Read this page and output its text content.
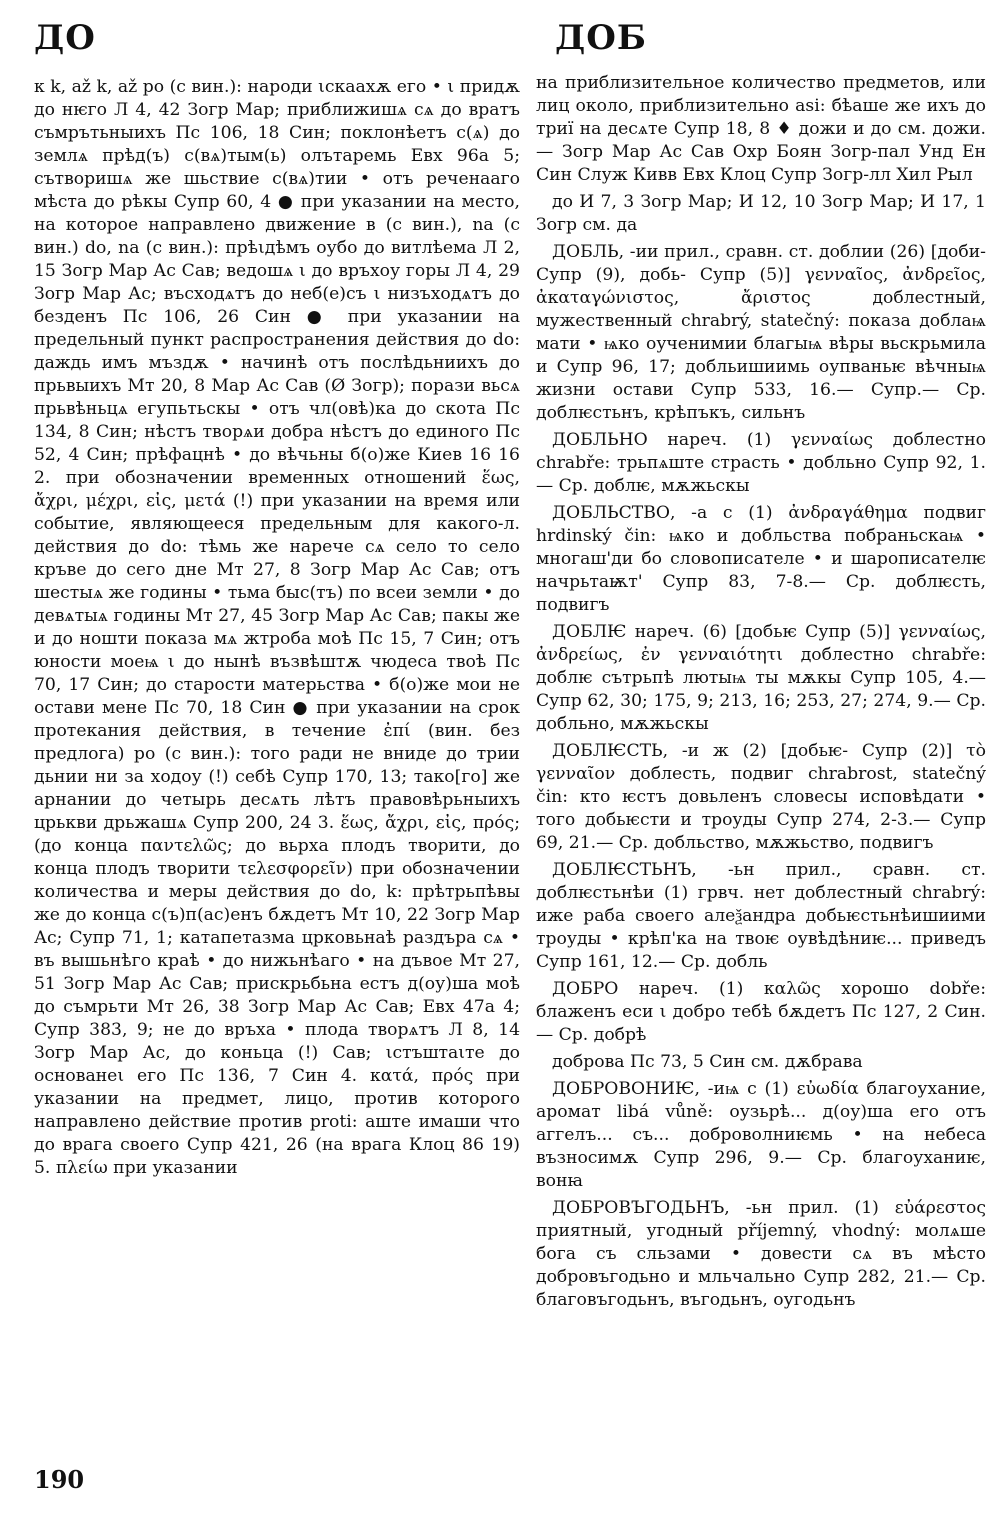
ДО	ДОБ

к k, až k, až po (с вин.): народи ιскаахѫ его • ι придѫ до нѥго Л 4, 42 Зогр Мар; приближишѧ сѧ до вратъ съмрътьныихъ Пс 106, 18 Син; поклонѣетъ с(ѧ) до землѧ прѣд(ъ) с(вѧ)тым(ь) олътаремь Евх 96а 5; сътворишѧ же шьствие с(вѧ)тии • отъ реченааго мѣста до рѣкы Супр 60, 4 ● при указании на место, на которое направлено движение в (с вин.), na (с вин.) do, na (с вин.): прѣιдѣмъ оубо до витлѣема Л 2, 15 Зогр Мар Ас Сав; ведошѧ ι до връхоу горы Л 4, 29 Зогр Мар Ас; въсходѧтъ до неб(е)съ ι низъходѧтъ до безденъ Пс 106, 26 Син ● при указании на предельный пункт распространения действия до do: даждь имъ мъздѫ • начинѣ отъ послѣдьниихъ до прьвыихъ Мт 20, 8 Мар Ас Сав (Ø Зогр); порази вьсѧ прьвѣньцѧ егупьтьскы • отъ чл(овѣ)ка до скота Пс 134, 8 Син; нѣстъ творѧи добра нѣстъ до единого Пс 52, 4 Син; прѣфацнѣ • до вѣчьны б(о)же Киев 16 16 2. при обозначении временных отношений ἕως, ἄχρι, μέχρι, εἰς, μετά (!) при указании на время или событие, являющееся предельным для какого-л. действия до do: тѣмь же нарече сѧ село то село кръве до сего дне Мт 27, 8 Зогр Мар Ас Сав; отъ шестыѧ же годины • тьма быс(тъ) по всеи земли • до девѧтыѧ годины Мт 27, 45 Зогр Мар Ас Сав; пакы же и до ношти показа мѧ жтроба моѣ Пс 15, 7 Син; отъ юности моеѩ ι до нынѣ възвѣштѫ чюдеса твоѣ Пс 70, 17 Син; до старости матерьства • б(о)же мои не остави мене Пс 70, 18 Син ● при указании на срок протекания действия, в течение ἐπί (вин. без предлога) po (с вин.): того ради не вниде до трии дьнии ни за ходоу (!) себѣ Супр 170, 13; тако[го] же арнании до четырь десѧть лѣтъ правовѣрьныихъ црькви дрьжашѧ Супр 200, 24 3. ἕως, ἄχρι, εἰς, πρός; (до конца παντελῶς; до вьрха плодъ творити, до конца плодъ творити τελεσφορεῖν) при обозначении количества и меры действия до do, k: прѣтрьпѣвы же до конца с(ъ)п(ас)енъ бѫдетъ Мт 10, 22 Зогр Мар Ас; Супр 71, 1; катапетазма црковьнаѣ раздъра сѧ • въ вышьнѣго краѣ • до нижьнѣаго • на дъвое Мт 27, 51 Зогр Мар Ас Сав; прискрьбьна естъ д(оу)ша моѣ до съмрьти Мт 26, 38 Зогр Мар Ас Сав; Евх 47а 4; Супр 383, 9; не до връха • плода творѧтъ Л 8, 14 Зогр Мар Ас, до коньца (!) Сав; ιстъштаιте до основанеι его Пс 136, 7 Син 4. κατά, πρός при указании на предмет, лицо, против которого направлено действие против proti: аште имаши что до врага своего Супр 421, 26 (на врага Клоц 86 19) 5. πλείω при указании

на приблизительное количество предметов, или лиц около, приблизительно asi: бѣаше же ихъ до триї на десѧте Супр 18, 8 ♦ дожи и до см. дожи.— Зогр Мар Ас Сав Охр Боян Зогр-пал Унд Ен Син Служ Кивв Евх Клоц Супр Зогр-лл Хил Рыл

до И 7, 3 Зогр Мар; И 12, 10 Зогр Мар; И 17, 1 Зогр см. да

ДОБЛЬ, -ии прил., сравн. ст. доблии (26) [доби- Супр (9), добь- Супр (5)] γενναῖος, ἀνδρεῖος, ἀκαταγώνιστος, ἄριστος доблестный, мужественный chrabrý, statečný: показа доблаѩ мати • ѩко оученимии благыѩ вѣры вьскрьмила и Супр 96, 17; добльишиимь оупваньѥ вѣчныѩ жизни остави Супр 533, 16.— Супр.— Ср. доблѥстьнъ, крѣпъкъ, сильнъ

ДОБЛЬНО нареч. (1) γενναίως доблестно chrabře: трьпѧште страсть • добльно Супр 92, 1.— Ср. доблѥ, мѫжьскы

ДОБЛЬСТВО, -а с (1) ἀνδραγάθημα подвиг hrdinský čin: ѩко и добльства побраньскаѩ • многаш'ди бо словописателе • и шарописателѥ начрьтаѭт' Супр 83, 7-8.— Ср. доблѥсть, подвигъ

ДОБЛѤ нареч. (6) [добьѥ Супр (5)] γενναίως, ἀνδρείως, ἐν γενναιότητι доблестно chrabře: доблѥ сътрьпѣ лютыѩ ты мѫкы Супр 105, 4.— Супр 62, 30; 175, 9; 213, 16; 253, 27; 274, 9.— Ср. добльно, мѫжьскы

ДОБЛѤСТЬ, -и ж (2) [добьѥ- Супр (2)] τὸ γενναῖον доблесть, подвиг chrabrost, statečný čin: кто ѥстъ довьленъ словесы исповѣдати • того добьѥсти и троуды Супр 274, 2-3.— Супр 69, 21.— Ср. добльство, мѫжьство, подвигъ

ДОБЛѤСТЬНЪ, -ьн прил., сравн. ст. доблѥстьнѣи (1) грвч. нет доблестный chrabrý: иже раба своего алеѯандра добьѥстьнѣишиими троуды • крѣп'ка на твоѥ оувѣдѣниѥ... приведъ Супр 161, 12.— Ср. добль

ДОБРО нареч. (1) καλῶς хорошо dobře: блаженъ еси ι добро тебѣ бѫдетъ Пс 127, 2 Син.— Ср. добрѣ

доброва Пс 73, 5 Син см. дѫбрава

ДОБРОВОНИѤ, -иѩ с (1) εὐωδία благоухание, аромат libá vůně: оузьрѣ... д(оу)ша его отъ аггелъ... съ... доброволниѥмь • на небеса възносимѫ Супр 296, 9.— Ср. благоуханиѥ, вонꙗ

ДОБРОВЪГОДЬНЪ, -ьн прил. (1) εὐάρεστος приятный, угодный příjemný, vhodný: молѧше бога съ сльзами • довести сѧ въ мѣсто добровъгодьно и мльчально Супр 282, 21.— Ср. благовъгодьнъ, въгодьнъ, оугодьнъ

190
